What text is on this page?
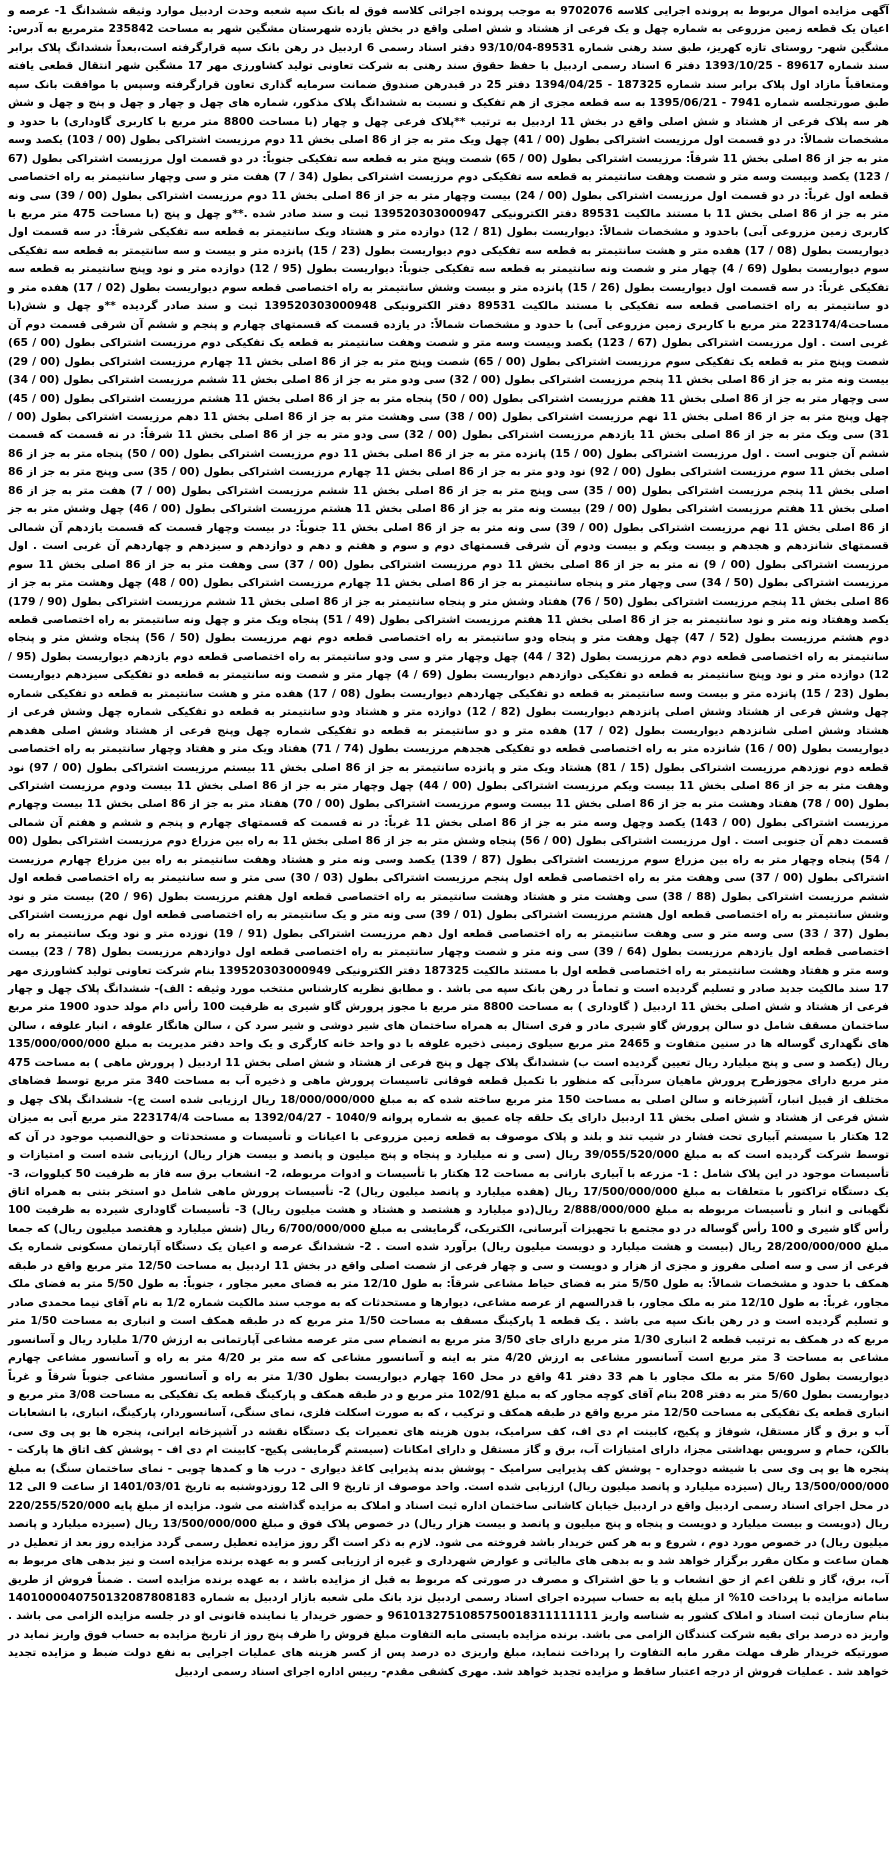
آگهی مزایده اموال مربوط به پرونده اجرایی کلاسه 9702076 به موجب پرونده اجرائی کلاسه فوق له بانک سپه شعبه وحدت اردبیل موارد وثیقه ششدانگ 1- عرصه و اعیان یک قطعه زمین مزروعی به شماره چهل و یک فرعی از هشتاد و شش اصلی واقع در بخش یازده شهرستان مشگین شهر به مساحت 235842 مترمربع به آدرس: مشگین شهر- روستای تازه کهریز، طبق سند رهنی شماره 89531-93/10/04 دفتر اسناد رسمی 6 اردبیل در رهن بانک سپه قرارگرفته است،بعداً ششدانگ پلاک برابر سند شماره 89617 - 1393/10/25 دفتر 6 اسناد رسمی اردبیل با حفظ حقوق سند رهنی به شرکت تعاونی تولید کشاورزی مهر 17 مشگین شهر انتقال قطعی یافته ومتعاقباً مازاد اول پلاک برابر سند شماره 187325 - 1394/04/25 دفتر 25 در قبدرهن صندوق ضمانت سرمایه گذاری تعاون قرارگرفته وسپس با موافقت بانک سپه طبق صورتجلسه شماره 7941 - 1395/06/21 به سه قطعه مجزی از هم تفکیک و نسبت به ششدانگ پلاک مذکور، شماره های چهل و چهار و چهل و پنج و چهل و شش هر سه پلاک فرعی از هشتاد و شش اصلی واقع در بخش 11 اردبیل به ترتیب **پلاک فرعی چهل و چهار (با مساحت 8800 متر مربع با کاربری گاوداری) با حدود و مشخصات شمالاً: در دو قسمت اول مرزیست اشتراکی بطول (00 / 41) چهل ویک متر به جز از 86 اصلی بخش 11 دوم مرزیست اشتراکی بطول (00 / 103) یکصد وسه متر به جز از 86 اصلی بخش 11 شرقاً: مرزیست اشتراکی بطول (00 / 65) شصت وپنج متر به قطعه سه تفکیکی جنوباً: در دو قسمت اول مرزیست اشتراکی بطول (67 / 123) یکصد وبیست وسه متر و شصت وهفت سانتیمتر به قطعه سه تفکیکی دوم مرزیست اشتراکی بطول (34 / 7) هفت متر و سی وچهار سانتیمتر به راه اختصاصی قطعه اول غرباً: در دو قسمت اول مرزیست اشتراکی بطول (00 / 24) بیست وچهار متر به جز از 86 اصلی بخش 11 دوم مرزیست اشتراکی بطول (00 / 39) سی ونه متر به جز از 86 اصلی بخش 11 با مستند مالکیت 89531 دفتر الکترونیکی 139520303000947 ثبت و سند صادر شده .**و چهل و پنج (با مساحت 475 متر مربع با کاربری زمین مزروعی آبی) باحدود و مشخصات شمالاً: دیواریست بطول (81 / 12) دوازده متر و هشتاد ویک سانتیمتر به قطعه سه تفکیکی شرقاً: در سه قسمت اول دیواریست بطول (08 / 17) هفده متر و هشت سانتیمتر به قطعه سه تفکیکی دوم دیواریست بطول (23 / 15) پانزده متر و بیست و سه سانتیمتر به قطعه سه تفکیکی سوم دیواریست بطول (69 / 4) چهار متر و شصت ونه سانتیمتر به قطعه سه تفکیکی جنوباً: دیواریست بطول (95 / 12) دوازده متر و نود وپنج سانتیمتر به قطعه سه تفکیکی غرباً: در سه قسمت اول دیواریست بطول (26 / 15) پانزده متر و بیست وشش سانتیمتر به راه اختصاصی قطعه سوم دیواریست بطول (02 / 17) هفده متر و دو سانتیمتر به راه اختصاصی قطعه سه تفکیکی با مستند مالکیت 89531 دفتر الکترونیکی 139520303000948 ثبت و سند صادر گردیده **و چهل و شش(با مساحت223174/4 متر مربع با کاربری زمین مزروعی آبی) با حدود و مشخصات شمالاً: در یازده قسمت که قسمتهای چهارم و پنجم و ششم آن شرقی قسمت دوم آن غربی است . اول مرزیست اشتراکی بطول (67 / 123) یکصد وبیست وسه متر و شصت وهفت سانتیمتر به قطعه یک تفکیکی دوم مرزیست اشتراکی بطول (00 / 65) شصت وپنج متر به قطعه یک تفکیکی سوم مرزیست اشتراکی بطول (00 / 65) شصت وپنج متر به جز از 86 اصلی بخش 11 چهارم مرزیست اشتراکی بطول (00 / 29) بیست ونه متر به جز از 86 اصلی بخش 11 پنجم مرزیست اشتراکی بطول (00 / 32) سی ودو متر به جز از 86 اصلی بخش 11 ششم مرزیست اشتراکی بطول (00 / 34) سی وچهار متر به جز از 86 اصلی بخش 11 هفتم مرزیست اشتراکی بطول (00 / 50) پنجاه متر به جز از 86 اصلی بخش 11 هشتم مرزیست اشتراکی بطول (00 / 45) چهل وپنج متر به جز از 86 اصلی بخش 11 نهم مرزیست اشتراکی بطول (00 / 38) سی وهشت متر به جز از 86 اصلی بخش 11 دهم مرزیست اشتراکی بطول (00 / 31) سی ویک متر به جز از 86 اصلی بخش 11 یازدهم مرزیست اشتراکی بطول (00 / 32) سی ودو متر به جز از 86 اصلی بخش 11 شرقاً: در نه قسمت که قسمت ششم آن جنوبی است . اول مرزیست اشتراکی بطول (00 / 15) پانزده متر به جز از 86 اصلی بخش 11 دوم مرزیست اشتراکی بطول (00 / 50) پنجاه متر به جز از 86 اصلی بخش 11 سوم مرزیست اشتراکی بطول (00 / 92) نود ودو متر به جز از 86 اصلی بخش 11 چهارم مرزیست اشتراکی بطول (00 / 35) سی وپنج متر به جز از 86 اصلی بخش 11 پنجم مرزیست اشتراکی بطول (00 / 35) سی وپنج متر به جز از 86 اصلی بخش 11 ششم مرزیست اشتراکی بطول (00 / 7) هفت متر به جز از 86 اصلی بخش 11 هفتم مرزیست اشتراکی بطول (00 / 29) بیست ونه متر به جز از 86 اصلی بخش 11 هشتم مرزیست اشتراکی بطول (00 / 46) چهل وشش متر به جز از 86 اصلی بخش 11 نهم مرزیست اشتراکی بطول (00 / 39) سی ونه متر به جز از 86 اصلی بخش 11 جنوباً: در بیست وچهار قسمت که قسمت یازدهم آن شمالی قسمتهای شانزدهم و هجدهم و بیست ویکم و بیست ودوم آن شرقی قسمتهای دوم و سوم و هفتم و دهم و دوازدهم و سیزدهم و چهاردهم آن غربی است . اول مرزیست اشتراکی بطول (00 / 9) نه متر به جز از 86 اصلی بخش 11 دوم مرزیست اشتراکی بطول (00 / 37) سی وهفت متر به جز از 86 اصلی بخش 11 سوم مرزیست اشتراکی بطول (50 / 34) سی وچهار متر و پنجاه سانتیمتر به جز از 86 اصلی بخش 11 چهارم مرزیست اشتراکی بطول (00 / 48) چهل وهشت متر به جز از 86 اصلی بخش 11 پنجم مرزیست اشتراکی بطول (50 / 76) هفتاد وشش متر و پنجاه سانتیمتر به جز از 86 اصلی بخش 11 ششم مرزیست اشتراکی بطول (90 / 179) یکصد وهفتاد ونه متر و نود سانتیمتر به جز از 86 اصلی بخش 11 هفتم مرزیست اشتراکی بطول (49 / 51) پنجاه ویک متر و چهل ونه سانتیمتر به راه اختصاصی قطعه دوم هشتم مرزیست بطول (52 / 47) چهل وهفت متر و پنجاه ودو سانتیمتر به راه اختصاصی قطعه دوم نهم مرزیست بطول (50 / 56) پنجاه وشش متر و پنجاه سانتیمتر به راه اختصاصی قطعه دوم دهم مرزیست بطول (32 / 44) چهل وچهار متر و سی ودو سانتیمتر به راه اختصاصی قطعه دوم یازدهم دیواریست بطول (95 / 12) دوازده متر و نود وپنج سانتیمتر به قطعه دو تفکیکی دوازدهم دیواریست بطول (69 / 4) چهار متر و شصت ونه سانتیمتر به قطعه دو تفکیکی سیزدهم دیواریست بطول (23 / 15) پانزده متر و بیست وسه سانتیمتر به قطعه دو تفکیکی چهاردهم دیواریست بطول (08 / 17) هفده متر و هشت سانتیمتر به قطعه دو تفکیکی شماره چهل وشش فرعی از هشتاد وشش اصلی پانزدهم دیواریست بطول (82 / 12) دوازده متر و هشتاد ودو سانتیمتر به قطعه دو تفکیکی شماره چهل وشش فرعی از هشتاد وشش اصلی شانزدهم دیواریست بطول (02 / 17) هفده متر و دو سانتیمتر به قطعه دو تفکیکی شماره چهل وپنج فرعی از هشتاد وشش اصلی هفدهم دیواریست بطول (00 / 16) شانزده متر به راه اختصاصی قطعه دو تفکیکی هجدهم مرزیست بطول (74 / 71) هفتاد ویک متر و هفتاد وچهار سانتیمتر به راه اختصاصی قطعه دوم نوزدهم مرزیست اشتراکی بطول (15 / 81) هشتاد ویک متر و پانزده سانتیمتر به جز از 86 اصلی بخش 11 بیستم مرزیست اشتراکی بطول (00 / 97) نود وهفت متر به جز از 86 اصلی بخش 11 بیست ویکم مرزیست اشتراکی بطول (00 / 44) چهل وچهار متر به جز از 86 اصلی بخش 11 بیست ودوم مرزیست اشتراکی بطول (00 / 78) هفتاد وهشت متر به جز از 86 اصلی بخش 11 بیست وسوم مرزیست اشتراکی بطول (00 / 70) هفتاد متر به جز از 86 اصلی بخش 11 بیست وچهارم مرزیست اشتراکی بطول (00 / 143) یکصد وچهل وسه متر به جز از 86 اصلی بخش 11 غرباً: در نه قسمت که قسمتهای چهارم و پنجم و ششم و هفتم آن شمالی قسمت دهم آن جنوبی است . اول مرزیست اشتراکی بطول (00 / 56) پنجاه وشش متر به جز از 86 اصلی بخش 11 به راه بین مزراع دوم مرزیست اشتراکی بطول (00 / 54) پنجاه وچهار متر به راه بین مزراع سوم مرزیست اشتراکی بطول (87 / 139) یکصد وسی ونه متر و هشتاد وهفت سانتیمتر به راه بین مزراع چهارم مرزیست اشتراکی بطول (00 / 37) سی وهفت متر به راه اختصاصی قطعه اول پنجم مرزیست اشتراکی بطول (03 / 30) سی متر و سه سانتیمتر به راه اختصاصی قطعه اول ششم مرزیست اشتراکی بطول (88 / 38) سی وهشت متر و هشتاد وهشت سانتیمتر به راه اختصاصی قطعه اول هفتم مرزیست بطول (96 / 20) بیست متر و نود وشش سانتیمتر به راه اختصاصی قطعه اول هشتم مرزیست اشتراکی بطول (01 / 39) سی ونه متر و یک سانتیمتر به راه اختصاصی قطعه اول نهم مرزیست اشتراکی بطول (37 / 33) سی وسه متر و سی وهفت سانتیمتر به راه اختصاصی قطعه اول دهم مرزیست اشتراکی بطول (91 / 19) نوزده متر و نود ویک سانتیمتر به راه اختصاصی قطعه اول یازدهم مرزیست بطول (64 / 39) سی ونه متر و شصت وچهار سانتیمتر به راه اختصاصی قطعه اول دوازدهم مرزیست بطول (78 / 23) بیست وسه متر و هفتاد وهشت سانتیمتر به راه اختصاصی قطعه اول با مستند مالکیت 187325 دفتر الکترونیکی 139520303000949 بنام شرکت تعاونی تولید کشاورزی مهر 17 سند مالکیت جدید صادر و تسلیم گردیده است و تماماً در رهن بانک سپه می باشد . و مطابق نظریه کارشناس منتخب مورد وثیقه : الف)- ششدانگ پلاک چهل و چهار فرعی از هشتاد و شش اصلی بخش 11 اردبیل ( گاوداری ) به مساحت 8800 متر مربع با مجوز پرورش گاو شیری به ظرفیت 100 رأس دام مولد حدود 1900 متر مربع ساختمان مسقف شامل دو سالن پرورش گاو شیری مادر و فری استال به همراه ساختمان های شیر دوشی و شیر سرد کن ، سالن هانگار علوفه ، انبار علوفه ، سالن های نگهداری گوساله ها در سنین متفاوت و 2465 متر مربع سیلوی زمینی ذخیره علوفه با دو واحد خانه کارگری و یک واحد دفتر مدیریت به مبلغ 135/000/000/000 ریال (یکصد و سی و پنج میلیارد ریال تعیین گردیده است ب) ششدانگ پلاک چهل و پنج فرعی از هشتاد و شش اصلی بخش 11 اردبیل ( پرورش ماهی ) به مساحت 475 متر مربع دارای مجوزطرح پرورش ماهیان سردآبی که منظور با تکمیل قطعه فوقانی تاسیسات پرورش ماهی و ذخیره آب به مساحت 340 متر مربع توسط فضاهای مختلف از قبیل انبار، آشپزخانه و سالن اصلی به مساحت 150 متر مربع ساخته شده که به مبلغ 18/000/000/000 ریال ارزیابی شده است ج)- ششدانگ پلاک چهل و شش فرعی از هشتاد و شش اصلی بخش 11 اردبیل دارای یک حلقه چاه عمیق به شماره پروانه 1040/9 - 1392/04/27 به مساحت 223174/4 متر مربع آبی به میزان 12 هکتار با سیستم آبیاری تحت فشار در شیب تند و بلند و پلاک موصوف به قطعه زمین مزروعی با اعیانات و تأسیسات و مستحدثات و حق‌النصیب موجود در آن که توسط شرکت گردیده است که به مبلغ 39/055/520/000 ریال (سی و نه میلیارد و پنجاه و پنج میلیون و پانصد و بیست هزار ریال) ارزیابی شده است و امتیازات و تأسیسات موجود در این پلاک شامل : 1- مزرعه با آبیاری بارانی به مساحت 12 هکتار با تأسیسات و ادوات مربوطه، 2- انشعاب برق سه فاز به ظرفیت 50 کیلووات، 3- یک دستگاه تراکتور با متعلقات به مبلغ 17/500/000/000 ریال (هفده میلیارد و پانصد میلیون ریال) 2- تأسیسات پرورش ماهی شامل دو استخر بتنی به همراه اتاق نگهبانی و انبار و تأسیسات مربوطه به مبلغ 2/888/000/000 ریال(دو میلیارد و هشتصد و هشتاد و هشت میلیون ریال) 3- تأسیسات گاوداری شیرده به ظرفیت 100 رأس گاو شیری و 100 رأس گوساله در دو مجتمع با تجهیزات آبرسانی، الکتریکی، گرمایشی به مبلغ 6/700/000/000 ریال (شش میلیارد و هفتصد میلیون ریال) که جمعا مبلغ 28/200/000/000 ریال (بیست و هشت میلیارد و دویست میلیون ریال) برآورد شده است . 2- ششدانگ عرصه و اعیان یک دستگاه آپارتمان مسکونی شماره یک فرعی از سی و سه اصلی مفروز و مجزی از هزار و دویست و سی و چهار فرعی از شصت اصلی واقع در بخش 11 اردبیل به مساحت 12/50 متر مربع واقع در طبقه همکف با حدود و مشخصات شمالاً: به طول 5/50 متر به فضای حیاط مشاعی شرقاً: به طول 12/10 متر به فضای معبر مجاور ، جنوباً: به طول 5/50 متر به فضای ملک مجاور، غرباً: به طول 12/10 متر به ملک مجاور، با قدرالسهم از عرصه مشاعی، دیوارها و مستحدثات که به موجب سند مالکیت شماره 1/2 به نام آقای نیما محمدی صادر و تسلیم گردیده است و در رهن بانک سپه می باشد . یک قطعه 1 پارکینگ مسقف به مساحت 1/50 متر مربع که در طبقه همکف است و انباری به مساحت 1/50 متر مربع که در همکف به ترتیب قطعه 2 انباری 1/30 متر مربع دارای جای 3/50 متر مربع به انضمام سی متر عرصه مشاعی آپارتمانی به ارزش 1/70 ملیارد ریال و آسانسور مشاعی به مساحت 3 متر مربع است آسانسور مشاعی به ارزش 4/20 متر به اینه و آسانسور مشاعی که سه متر بر 4/20 متر به راه و آسانسور مشاعی چهارم دیواریست بطول 5/60 متر به ملک مجاور با هم 33 دفتر 41 واقع در محل 160 چهارم دیواریست بطول 1/30 متر به راه و آسانسور مشاعی جنوباً شرقاً و غرباً دیواریست بطول 5/60 متر به دفتر 208 بنام آقای کوچه مجاور که به مبلغ 102/91 متر مربع و در طبقه همکف و پارکینگ قطعه یک تفکیکی به مساحت 3/08 متر مربع و انباری قطعه یک تفکیکی به مساحت 12/50 متر مربع واقع در طبقه همکف و ترکیب ، که به صورت اسکلت فلزی، نمای سنگی، آسانسوردار، پارکینگ، انباری، با انشعابات آب و برق و گاز مستقل، شوفاژ و پکیج، کابینت ام دی اف، کف سرامیک، بدون هزینه های تعمیرات یک دستگاه نقشه در آشپزخانه ایرانی، پنجره ها یو پی وی سی، بالکن، حمام و سرویس بهداشتی مجزا، دارای امتیازات آب، برق و گاز مستقل و دارای امکانات (سیستم گرمایشی پکیج- کابینت ام دی اف - پوشش کف اتاق ها پارکت - پنجره ها یو پی وی سی با شیشه دوجداره - پوشش کف پذیرایی سرامیک - پوشش بدنه پذیرایی کاغذ دیواری - درب ها و کمدها چوبی - نمای ساختمان سنگ) به مبلغ 13/500/000/000 ریال (سیزده میلیارد و پانصد میلیون ریال) ارزیابی شده است. واحد موصوف از تاریخ 9 الی 12 روزدوشنبه به تاریخ 1401/03/01 از ساعت 9 الی 12 در محل اجرای اسناد رسمی اردبیل واقع در اردبیل خیابان کاشانی ساختمان اداره ثبت اسناد و املاک به مزایده گذاشته می شود. مزایده از مبلغ پایه 220/255/520/000 ریال (دویست و بیست میلیارد و دویست و پنجاه و پنج میلیون و پانصد و بیست هزار ریال) در خصوص پلاک فوق و مبلغ 13/500/000/000 ریال (سیزده میلیارد و پانصد میلیون ریال) در خصوص مورد دوم ، شروع و به هر کس خریدار باشد فروخته می شود. لازم به ذکر است اگر روز مزایده تعطیل رسمی گردد مزایده روز بعد از تعطیل در همان ساعت و مکان مقرر برگزار خواهد شد و به بدهی های مالیاتی و عوارض شهرداری و غیره از ارزیابی کسر و به عهده برنده مزایده است و نیز بدهی های مربوط به آب، برق، گاز و تلفن اعم از حق انشعاب و یا حق اشتراک و مصرف در صورتی که مربوط به قبل از مزایده باشد ، به عهده برنده مزایده است . ضمناً فروش از طریق سامانه مزایده با پرداخت 10% از مبلغ پایه به حساب سپرده اجرای اسناد رسمی اردبیل نزد بانک ملی شعبه بازار اردبیل به شماره 1401000040750132087808183 بنام سازمان ثبت اسناد و املاک کشور به شناسه واریز 9610132751085750018311111111 و حضور خریدار یا نماینده قانونی او در جلسه مزایده الزامی می باشد . واریز ده درصد برای بقیه شرکت کنندگان الزامی می باشد. برنده مزایده بایستی مابه التفاوت مبلغ فروش را ظرف پنج روز از تاریخ مزایده به حساب فوق واریز نماید در صورتیکه خریدار ظرف مهلت مقرر مابه التفاوت را پرداخت ننماید، مبلغ واریزی ده درصد پس از کسر هزینه های عملیات اجرایی به نفع دولت ضبط و مزایده تجدید خواهد شد . عملیات فروش از درجه اعتبار ساقط و مزایده تجدید خواهد شد. مهری کشفی مقدم- رییس اداره اجرای اسناد رسمی اردبیل
